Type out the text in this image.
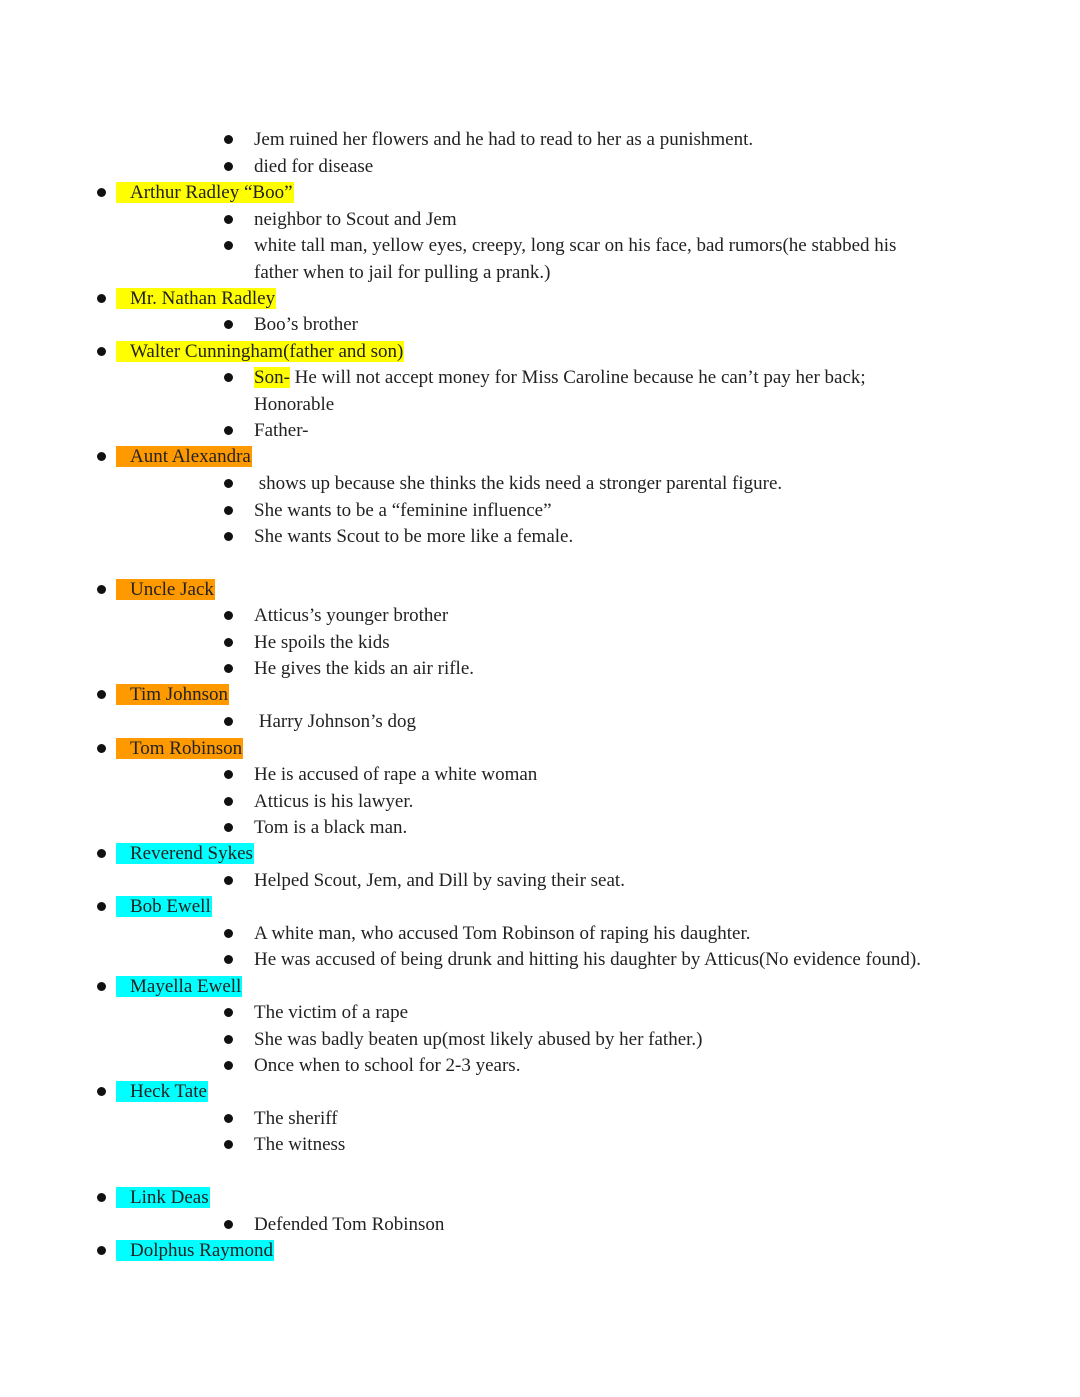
Jem ruined her flowers and he had to read to her as a punishment.
died for disease
Arthur Radley “Boo”
neighbor to Scout and Jem
white tall man, yellow eyes, creepy, long scar on his face, bad rumors(he stabbed his
father when to jail for pulling a prank.)
Mr. Nathan Radley
Boo’s brother
Walter Cunningham(father and son)
Son- He will not accept money for Miss Caroline because he can’t pay her back;
Honorable
Father-
Aunt Alexandra
shows up because she thinks the kids need a stronger parental figure.
She wants to be a “feminine influence”
She wants Scout to be more like a female.
Uncle Jack
Atticus’s younger brother
He spoils the kids
He gives the kids an air rifle.
Tim Johnson
Harry Johnson’s dog
Tom Robinson
He is accused of rape a white woman
Atticus is his lawyer.
Tom is a black man.
Reverend Sykes
Helped Scout, Jem, and Dill by saving their seat.
Bob Ewell
A white man, who accused Tom Robinson of raping his daughter.
He was accused of being drunk and hitting his daughter by Atticus(No evidence found).
Mayella Ewell
The victim of a rape
She was badly beaten up(most likely abused by her father.)
Once when to school for 2-3 years.
Heck Tate
The sheriff
The witness
Link Deas
Defended Tom Robinson
Dolphus Raymond
